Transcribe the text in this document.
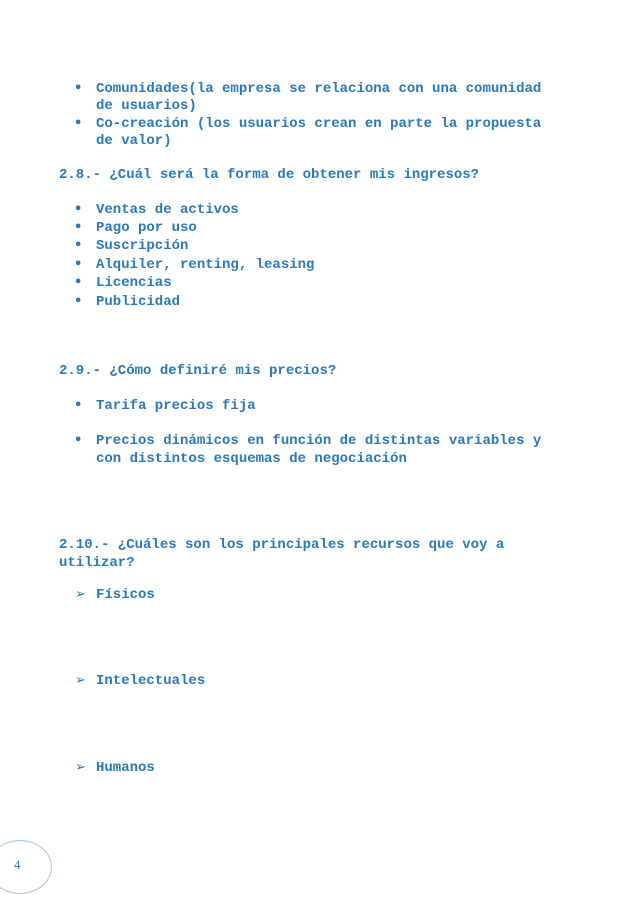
• Comunidades(la empresa se relaciona con una comunidad
de usuarios)
• Co-creación (los usuarios crean en parte la propuesta
de valor)
2.8.- ¿Cuál será la forma de obtener mis ingresos?
• Ventas de activos
• Pago por uso
• Suscripción
• Alquiler, renting, leasing
• Licencias
• Publicidad
2.9.- ¿Cómo definiré mis precios?
• Tarifa precios fija
• Precios dinámicos en función de distintas variables y
con distintos esquemas de negociación
2.10.- ¿Cuáles son los principales recursos que voy a
utilizar?
➢ Físicos
➢ Intelectuales
➢ Humanos
4
